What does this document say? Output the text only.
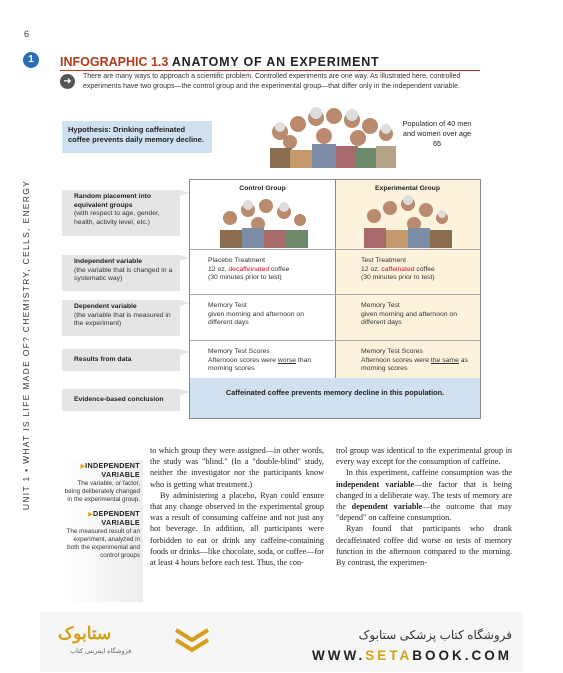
6
1
UNIT 1 • WHAT IS LIFE MADE OF? CHEMISTRY, CELLS, ENERGY
INFOGRAPHIC 1.3 ANATOMY OF AN EXPERIMENT
➜	There are many ways to approach a scientific problem. Controlled experiments are one way. As illustrated here, controlled experiments have two groups—the control group and the experimental group—that differ only in the independent variable.
Hypothesis: Drinking caffeinated coffee prevents daily memory decline.
Population of 40 men and women over age 65
Random placement into equivalent groups
(with respect to age, gender, health, activity level, etc.)
Independent variable
(the variable that is changed in a systematic way)
Dependent variable
(the variable that is measured in the experiment)
Results from data
Evidence-based conclusion
Control Group	Experimental Group
Placebo Treatment
12 oz. decaffeinated coffee
(30 minutes prior to test)
Memory Test
given morning and afternoon on different days
Memory Test Scores
Afternoon scores were worse than morning scores
Test Treatment
12 oz. caffeinated coffee
(30 minutes prior to test)
Memory Test
given morning and afternoon on different days
Memory Test Scores
Afternoon scores were the same as morning scores
Caffeinated coffee prevents memory decline in this population.
▶INDEPENDENT VARIABLE
The variable, or factor, being deliberately changed in the experimental group.
▶DEPENDENT VARIABLE
The measured result of an experiment, analyzed in both the experimental and control groups

to which group they were assigned—in other words, the study was "blind." (In a "double-blind" study, neither the investigator nor the participants know who is getting what treatment.)

By administering a placebo, Ryan could ensure that any change observed in the experimental group was a result of consuming caffeine and not just any hot beverage. In addition, all participants were forbidden to eat or drink any caffeine-containing foods or drinks—like chocolate, soda, or coffee—for at least 4 hours before each test. Thus, the con-

trol group was identical to the experimental group in every way except for the consumption of caffeine.

In this experiment, caffeine consumption was the independent variable—the factor that is being changed in a deliberate way. The tests of memory are the dependent variable—the outcome that may "depend" on caffeine consumption.

Ryan found that participants who drank decaffeinated coffee did worse on tests of memory function in the afternoon compared to the morning. By contrast, the experimen-

ستابوک
فروشگاه اینترنتی کتاب
فروشگاه کتاب پزشکی ستابوک
WWW.SETABOOK.COM
